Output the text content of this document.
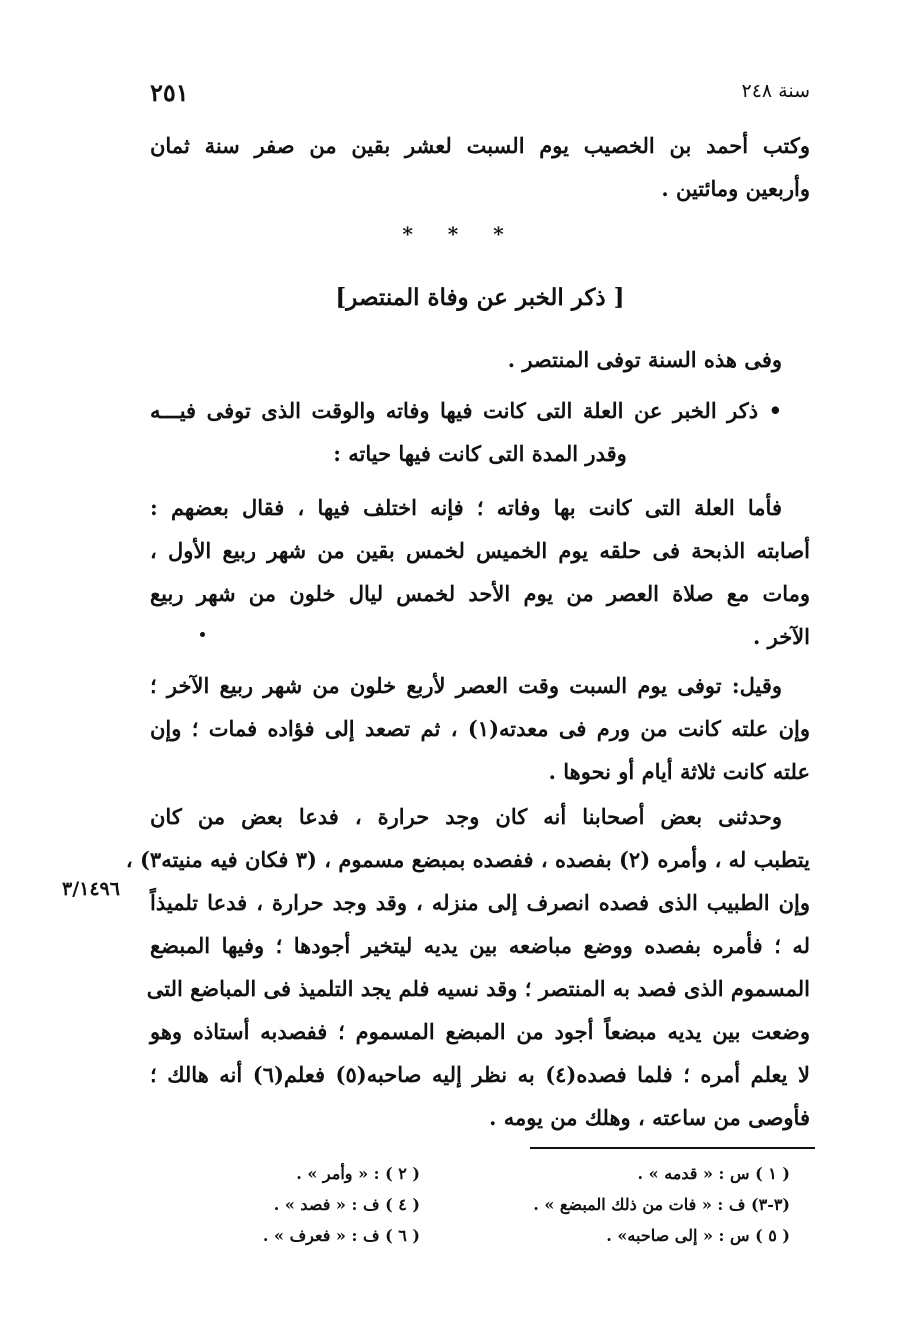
٢٥١	سنة ٢٤٨
وكتب أحمد بن الخصيب يوم السبت لعشر بقين من صفر سنة ثمان
وأربعين ومائتين .
* * *
[ ذكر الخبر عن وفاة المنتصر]
وفى هذه السنة توفى المنتصر .
• ذكر الخبر عن العلة التى كانت فيها وفاته والوقت الذى توفى فيـــه
وقدر المدة التى كانت فيها حياته :
فأما العلة التى كانت بها وفاته ؛ فإنه اختلف فيها ، فقال بعضهم :
أصابته الذبحة فى حلقه يوم الخميس لخمس بقين من شهر ربيع الأول ،
ومات مع صلاة العصر من يوم الأحد لخمس ليال خلون من شهر ربيع
الآخر .
وقيل: توفى يوم السبت وقت العصر لأربع خلون من شهر ربيع الآخر ؛
وإن علته كانت من ورم فى معدته(١) ، ثم تصعد إلى فؤاده فمات ؛ وإن
علته كانت ثلاثة أيام أو نحوها .
وحدثنى بعض أصحابنا أنه كان وجد حرارة ، فدعا بعض من كان
يتطبب له ، وأمره (٢) بفصده ، ففصده بمبضع مسموم ، (٣ فكان فيه منيته٣) ،
وإن الطبيب الذى فصده انصرف إلى منزله ، وقد وجد حرارة ، فدعا تلميذاً
له ؛ فأمره بفصده ووضع مباضعه بين يديه ليتخير أجودها ؛ وفيها المبضع
المسموم الذى فصد به المنتصر ؛ وقد نسيه فلم يجد التلميذ فى المباضع التى
وضعت بين يديه مبضعاً أجود من المبضع المسموم ؛ ففصدبه أستاذه وهو
لا يعلم أمره ؛ فلما فصده(٤) به نظر إليه صاحبه(٥) فعلم(٦) أنه هالك ؛
فأوصى من ساعته ، وهلك من يومه .
٣/١٤٩٦
( ١ ) س : « قدمه » .
( ٢ ) : « وأمر » .
(٣-٣) ف : « فات من ذلك المبضع » .
( ٤ ) ف : « فصد » .
( ٥ ) س : « إلى صاحبه» .
( ٦ ) ف : « فعرف » .
